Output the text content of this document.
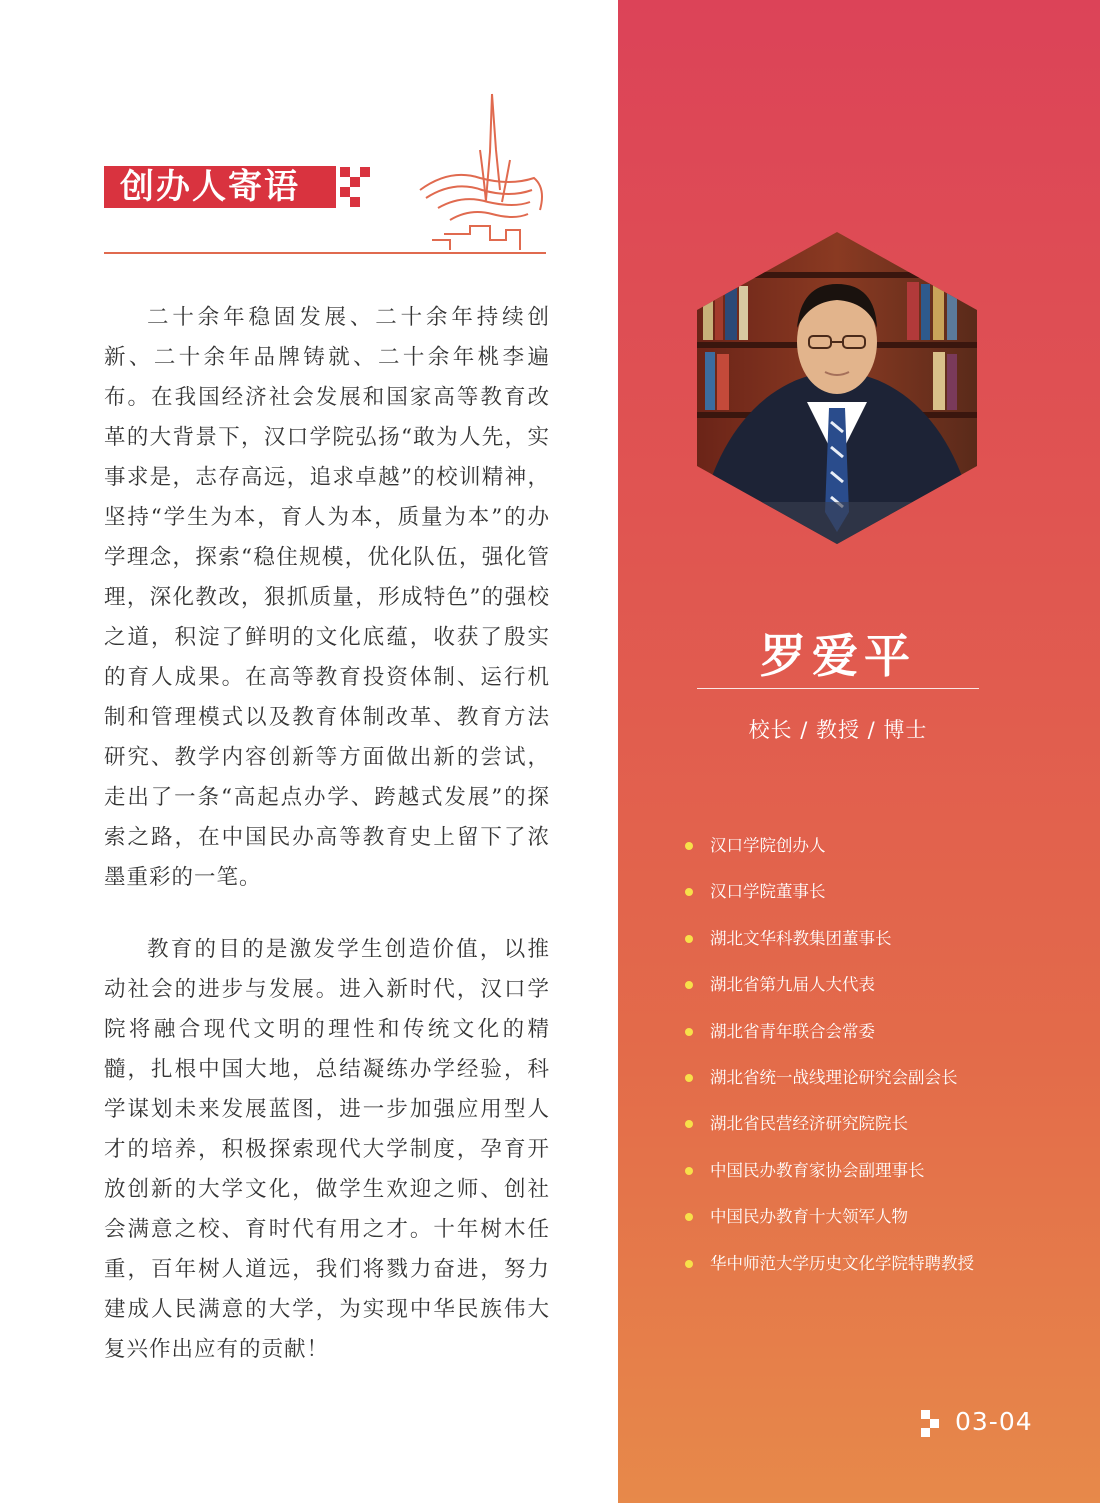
创办人寄语

二十余年稳固发展、二十余年持续创新、二十余年品牌铸就、二十余年桃李遍布。在我国经济社会发展和国家高等教育改革的大背景下，汉口学院弘扬“敢为人先，实事求是，志存高远，追求卓越”的校训精神，坚持“学生为本，育人为本，质量为本”的办学理念，探索“稳住规模，优化队伍，强化管理，深化教改，狠抓质量，形成特色”的强校之道，积淀了鲜明的文化底蕴，收获了殷实的育人成果。在高等教育投资体制、运行机制和管理模式以及教育体制改革、教育方法研究、教学内容创新等方面做出新的尝试，走出了一条“高起点办学、跨越式发展”的探索之路，在中国民办高等教育史上留下了浓墨重彩的一笔。

教育的目的是激发学生创造价值，以推动社会的进步与发展。进入新时代，汉口学院将融合现代文明的理性和传统文化的精髓，扎根中国大地，总结凝练办学经验，科学谋划未来发展蓝图，进一步加强应用型人才的培养，积极探索现代大学制度，孕育开放创新的大学文化，做学生欢迎之师、创社会满意之校、育时代有用之才。十年树木任重，百年树人道远，我们将戮力奋进，努力建成人民满意的大学，为实现中华民族伟大复兴作出应有的贡献！

罗爱平
校长 / 教授 / 博士
汉口学院创办人
汉口学院董事长
湖北文华科教集团董事长
湖北省第九届人大代表
湖北省青年联合会常委
湖北省统一战线理论研究会副会长
湖北省民营经济研究院院长
中国民办教育家协会副理事长
中国民办教育十大领军人物
华中师范大学历史文化学院特聘教授
03-04
